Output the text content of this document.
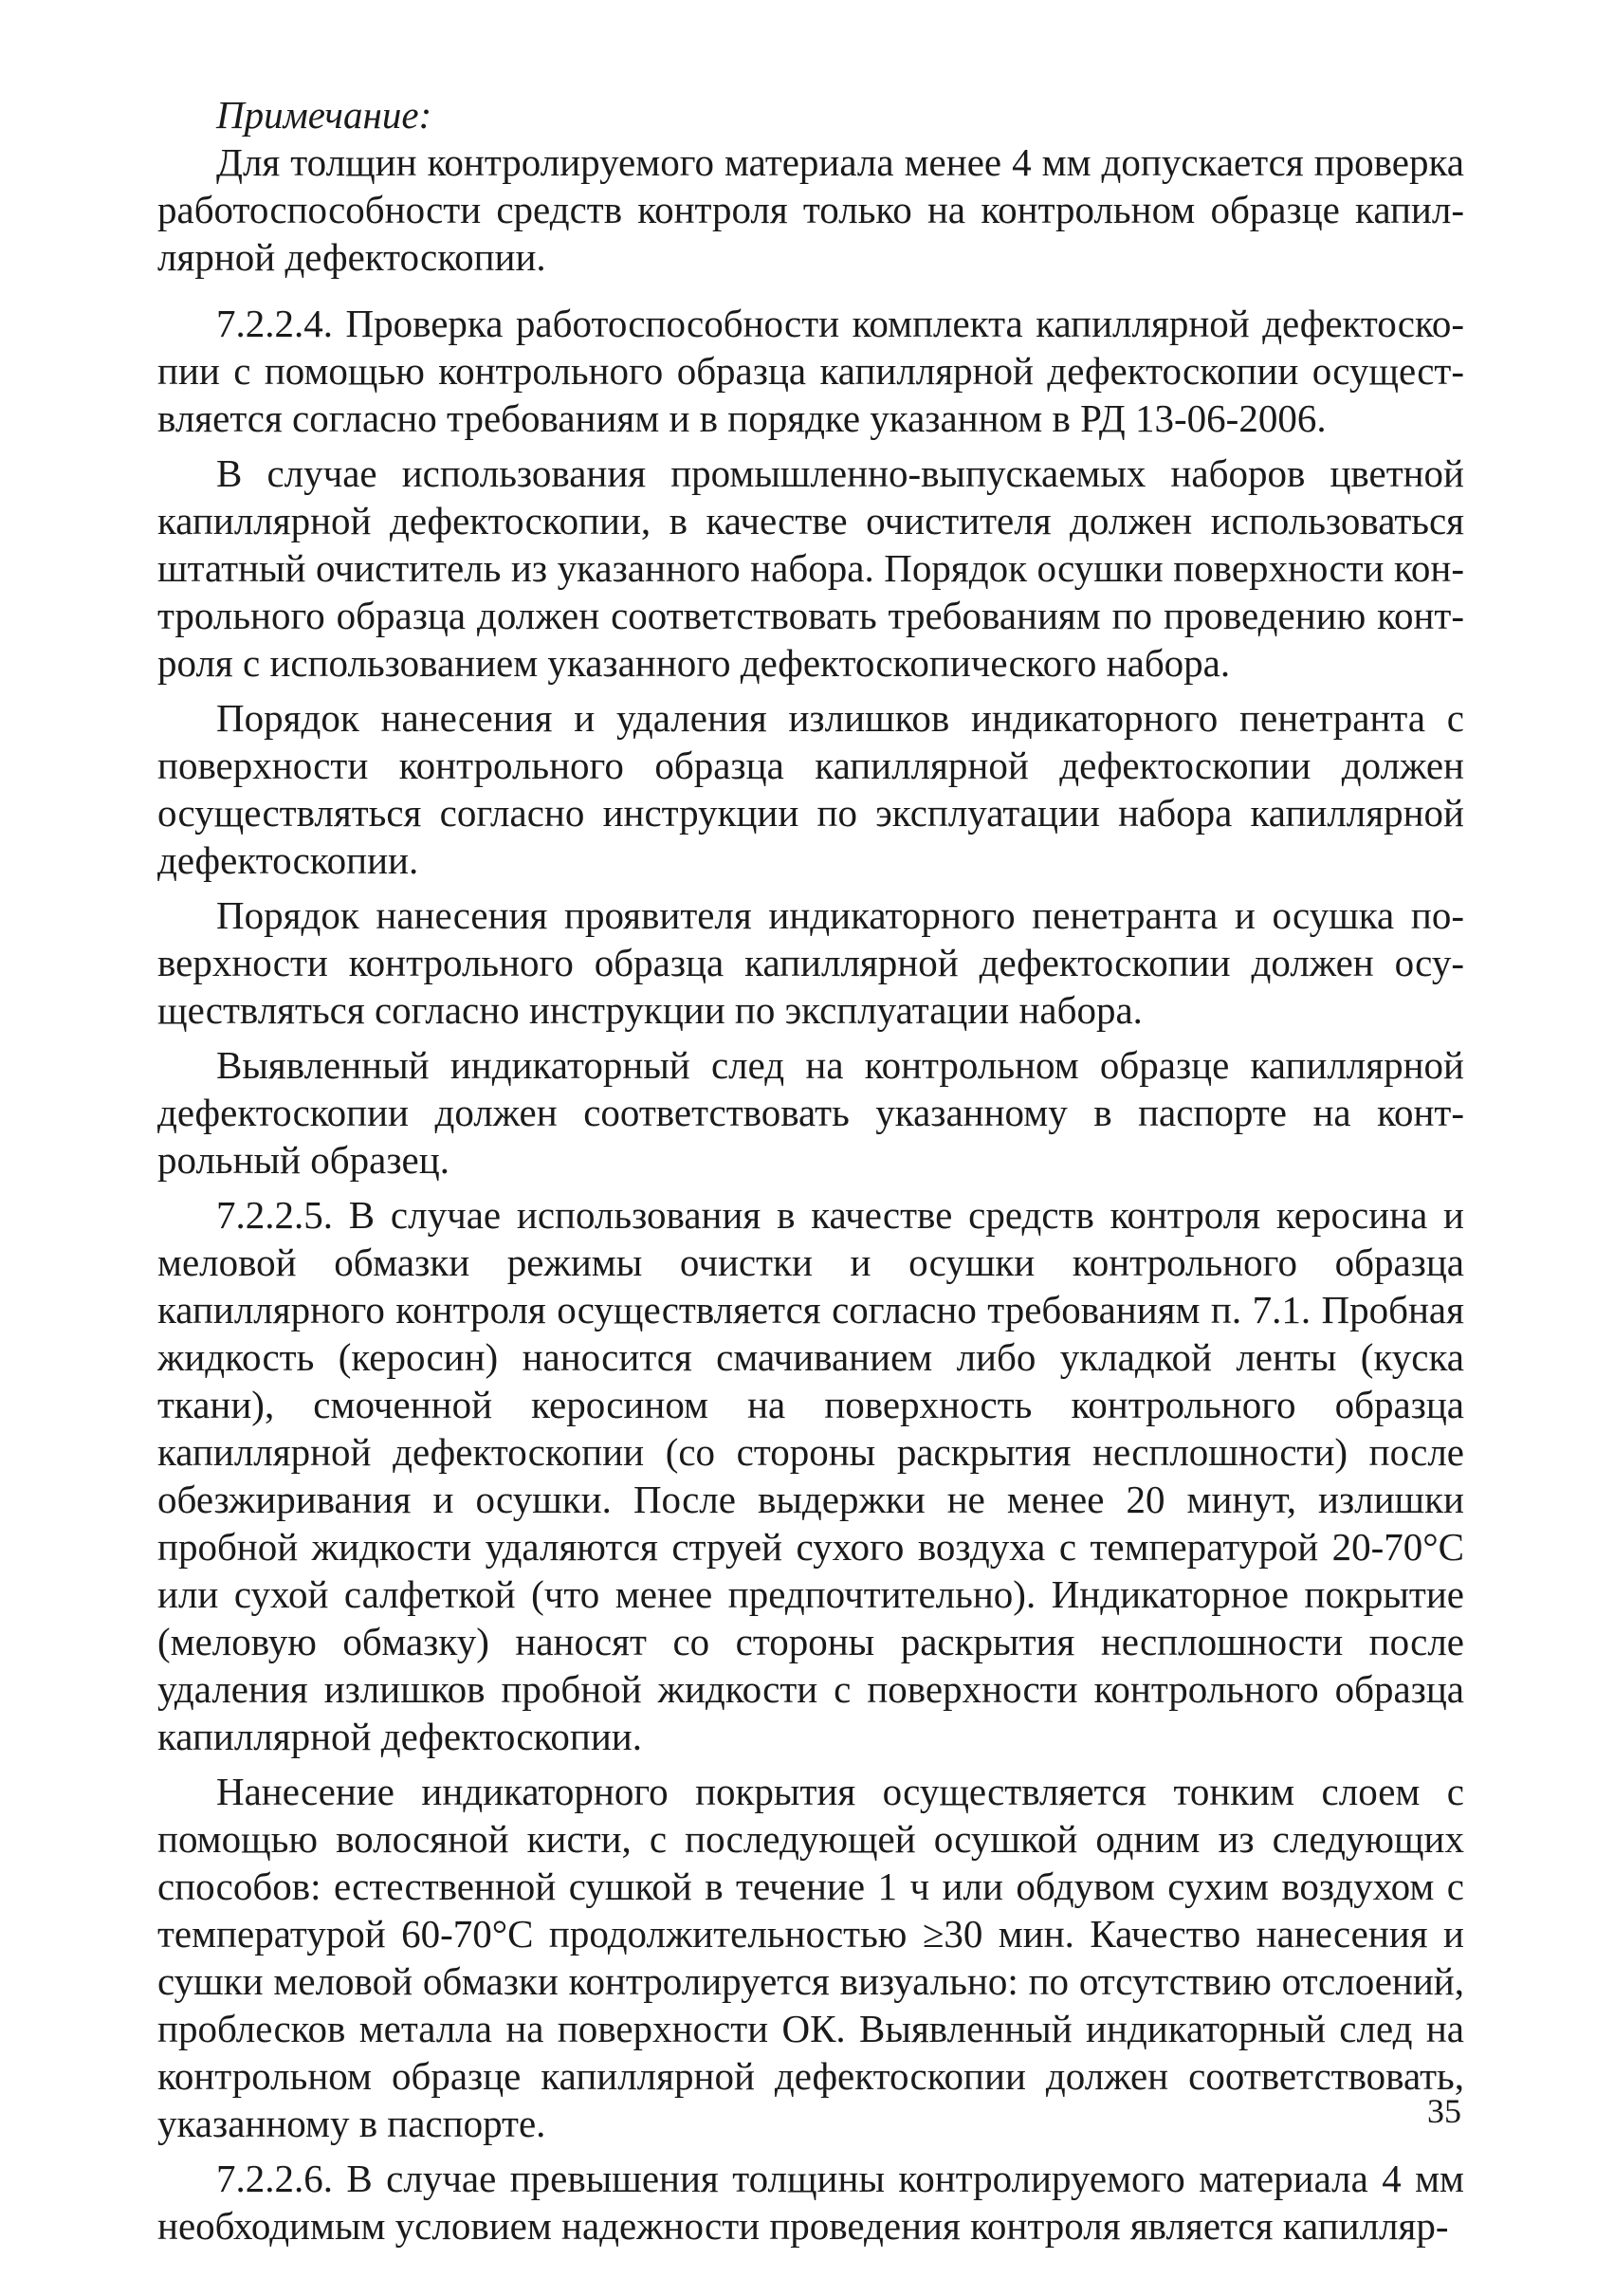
Примечание:

Для толщин контролируемого материала менее 4 мм допускается проверка работоспособности средств контроля только на контрольном образце капиллярной дефектоскопии.

7.2.2.4. Проверка работоспособности комплекта капиллярной дефектоскопии с помощью контрольного образца капиллярной дефектоскопии осуществляется согласно требованиям и в порядке указанном в РД 13-06-2006.

В случае использования промышленно-выпускаемых наборов цветной капиллярной дефектоскопии, в качестве очистителя должен использоваться штатный очиститель из указанного набора. Порядок осушки поверхности контрольного образца должен соответствовать требованиям по проведению контроля с использованием указанного дефектоскопического набора.

Порядок нанесения и удаления излишков индикаторного пенетранта с поверхности контрольного образца капиллярной дефектоскопии должен осуществляться согласно инструкции по эксплуатации набора капиллярной дефектоскопии.

Порядок нанесения проявителя индикаторного пенетранта и осушка поверхности контрольного образца капиллярной дефектоскопии должен осуществляться согласно инструкции по эксплуатации набора.

Выявленный индикаторный след на контрольном образце капиллярной дефектоскопии должен соответствовать указанному в паспорте на контрольный образец.

7.2.2.5. В случае использования в качестве средств контроля керосина и меловой обмазки режимы очистки и осушки контрольного образца капиллярного контроля осуществляется согласно требованиям п. 7.1. Пробная жидкость (керосин) наносится смачиванием либо укладкой ленты (куска ткани), смоченной керосином на поверхность контрольного образца капиллярной дефектоскопии (со стороны раскрытия несплошности) после обезжиривания и осушки. После выдержки не менее 20 минут, излишки пробной жидкости удаляются струей сухого воздуха с температурой 20-70°С или сухой салфеткой (что менее предпочтительно). Индикаторное покрытие (меловую обмазку) наносят со стороны раскрытия несплошности после удаления излишков пробной жидкости с поверхности контрольного образца капиллярной дефектоскопии.

Нанесение индикаторного покрытия осуществляется тонким слоем с помощью волосяной кисти, с последующей осушкой одним из следующих способов: естественной сушкой в течение 1 ч или обдувом сухим воздухом с температурой 60-70°С продолжительностью ≥30 мин. Качество нанесения и сушки меловой обмазки контролируется визуально: по отсутствию отслоений, проблесков металла на поверхности ОК. Выявленный индикаторный след на контрольном образце капиллярной дефектоскопии должен соответствовать, указанному в паспорте.

7.2.2.6. В случае превышения толщины контролируемого материала 4 мм необходимым условием надежности проведения контроля является капилляр-

35
